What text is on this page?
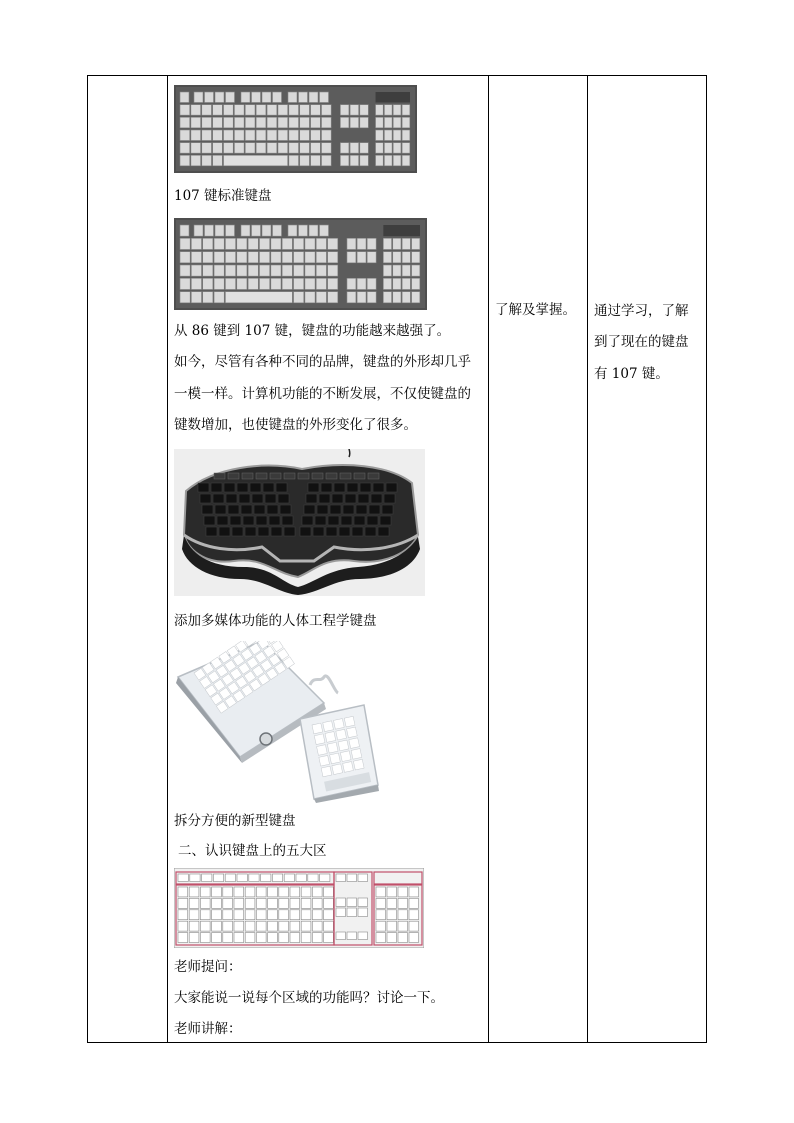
107 键标准键盘
从 86 键到 107 键，键盘的功能越来越强了。
如今，尽管有各种不同的品牌，键盘的外形却几乎
一模一样。计算机功能的不断发展，不仅使键盘的
键数增加，也使键盘的外形变化了很多。
添加多媒体功能的人体工程学键盘
拆分方便的新型键盘
二、认识键盘上的五大区
老师提问：
大家能说一说每个区域的功能吗？讨论一下。
老师讲解：
了解及掌握。 通过学习，了解
到了现在的键盘
有 107 键。
